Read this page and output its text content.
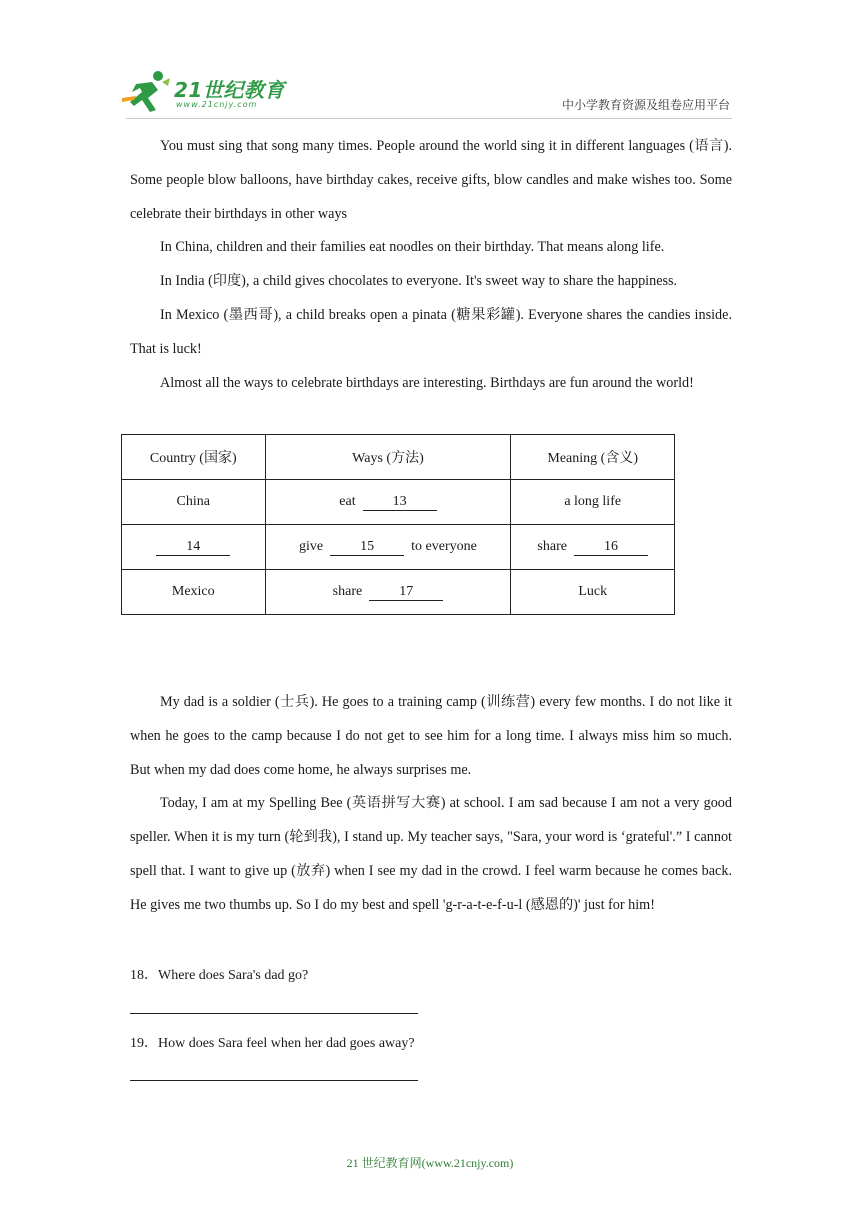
21世纪教育
www.21cnjy.com	中小学教育资源及组卷应用平台

You must sing that song many times. People around the world sing it in different languages (语言). Some people blow balloons, have birthday cakes, receive gifts, blow candles and make wishes too. Some celebrate their birthdays in other ways

In China, children and their families eat noodles on their birthday. That means along life.

In India (印度), a child gives chocolates to everyone. It's sweet way to share the happiness.

In Mexico (墨西哥), a child breaks open a pinata (糖果彩罐). Everyone shares the candies inside. That is luck!

Almost all the ways to celebrate birthdays are interesting. Birthdays are fun around the world!

Country (国家)	Ways (方法)	Meaning (含义)
China	eat 13	a long life
14	give 15 to everyone	share 16
Mexico	share 17	Luck

My dad is a soldier (士兵). He goes to a training camp (训练营) every few months. I do not like it when he goes to the camp because I do not get to see him for a long time. I always miss him so much. But when my dad does come home, he always surprises me.

Today, I am at my Spelling Bee (英语拼写大赛) at school. I am sad because I am not a very good speller. When it is my turn (轮到我), I stand up. My teacher says, "Sara, your word is ‘grateful'.” I cannot spell that. I want to give up (放弃) when I see my dad in the crowd. I feel warm because he comes back. He gives me two thumbs up. So I do my best and spell 'g-r-a-t-e-f-u-l (感恩的)' just for him!

18．Where does Sara's dad go?
19．How does Sara feel when her dad goes away?
21 世纪教育网(www.21cnjy.com)
